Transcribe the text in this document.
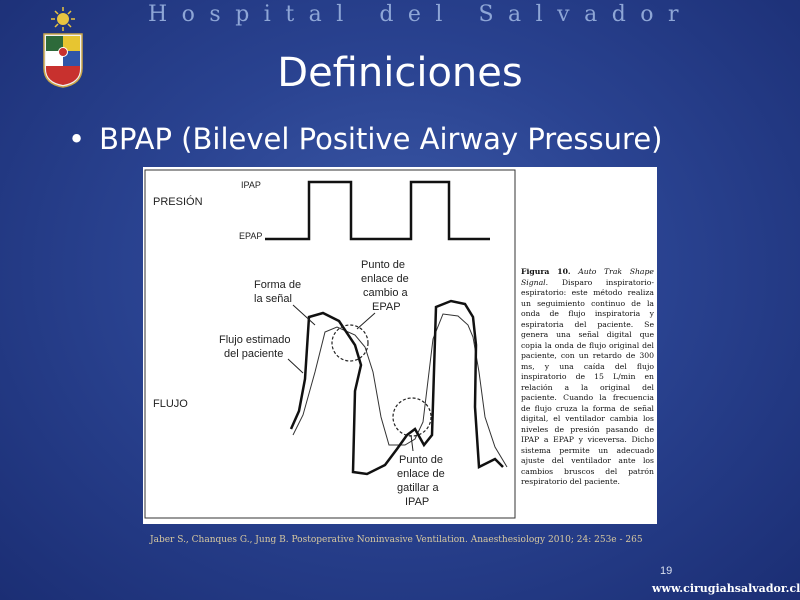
Hospital del Salvador
Definiciones
• BPAP (Bilevel Positive Airway Pressure)
PRESIÓN
IPAP
EPAP
FLUJO
Forma de
la señal
Flujo estimado
del paciente
Punto de
enlace de
cambio a
EPAP
Punto de
enlace de
gatillar a
IPAP
Figura 10. Auto Trak Shape Signal. Disparo inspiratorio-espiratorio: este método realiza un seguimiento continuo de la onda de flujo inspiratoria y espiratoria del paciente. Se genera una señal digital que copia la onda de flujo original del paciente, con un retardo de 300 ms, y una caída del flujo inspiratorio de 15 L/min en relación a la original del paciente. Cuando la frecuencia de flujo cruza la forma de señal digital, el ventilador cambia los niveles de presión pasando de IPAP a EPAP y viceversa. Dicho sistema permite un adecuado ajuste del ventilador ante los cambios bruscos del patrón respiratorio del paciente.
Jaber S., Chanques G., Jung B. Postoperative Noninvasive Ventilation. Anaesthesiology 2010; 24: 253e - 265
19
www.cirugiahsalvador.cl
